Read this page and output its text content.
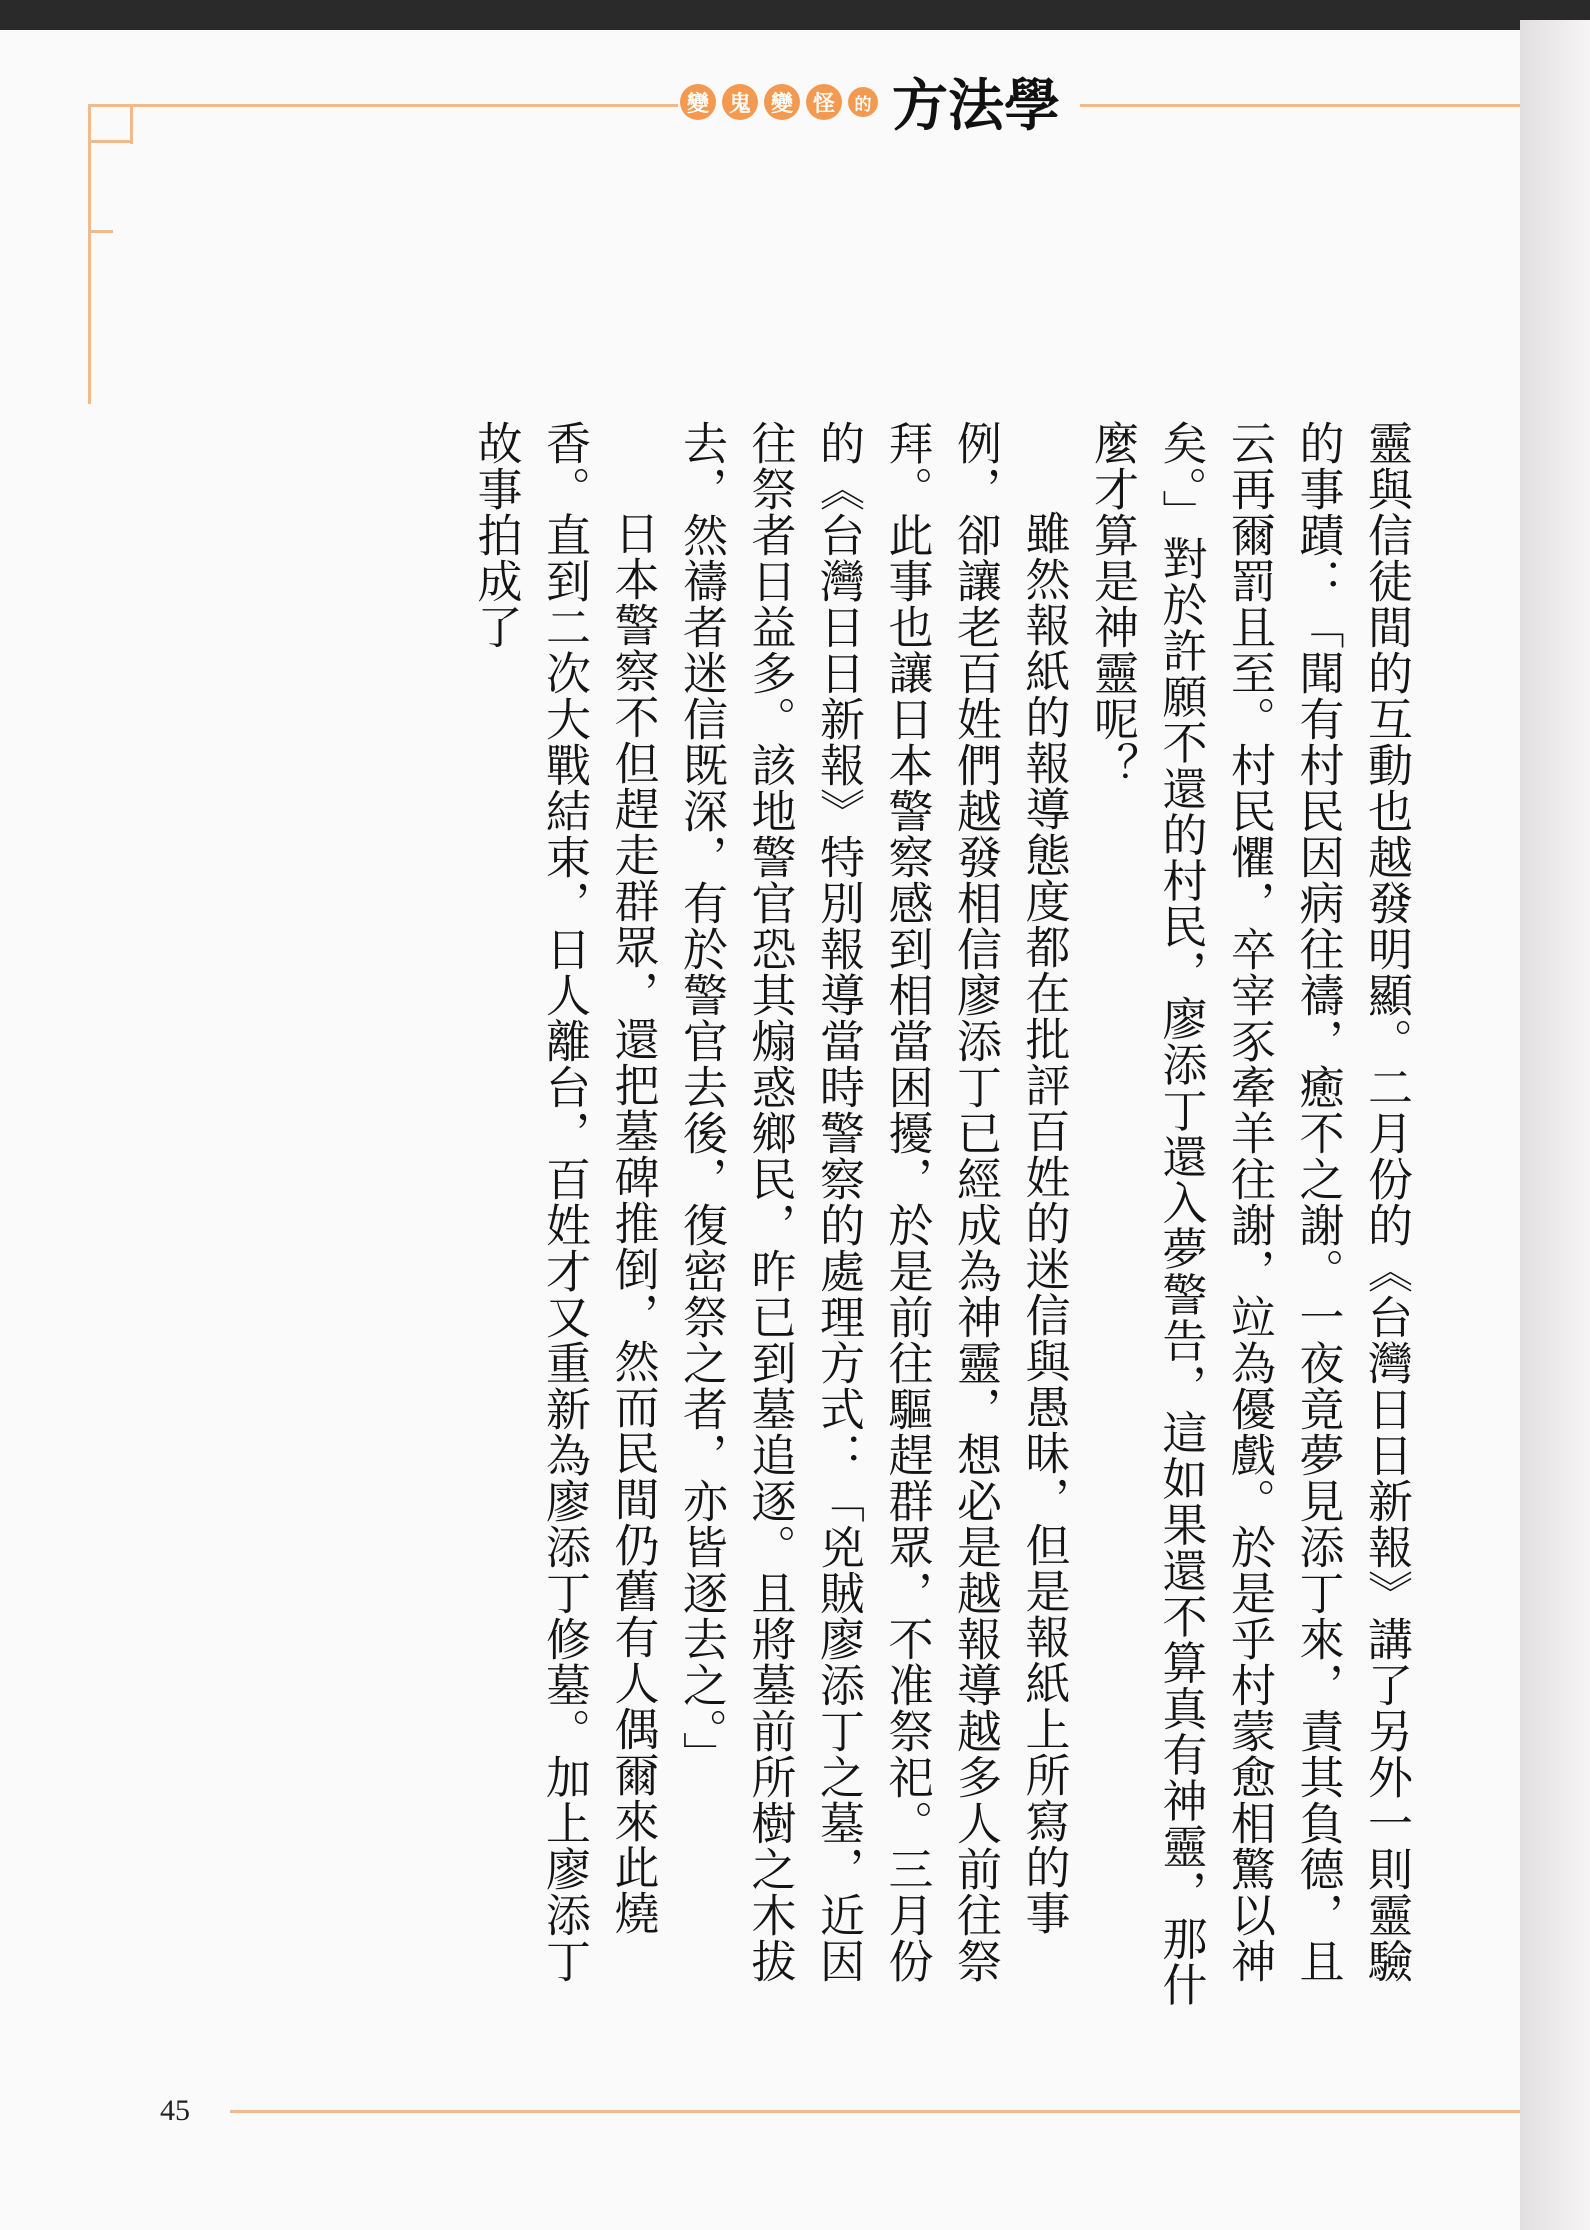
變 鬼 變 怪	的 方法學

靈與信徒間的互動也越發明顯。二月份的《台灣日日新報》講了另外一則靈驗的事蹟：「聞有村民因病往禱，癒不之謝。一夜竟夢見添丁來，責其負德，且云再爾罰且至。村民懼，卒宰豕牽羊往謝，竝為優戲。於是乎村蒙愈相驚以神矣。」對於許願不還的村民，廖添丁還入夢警告，這如果還不算真有神靈，那什麼才算是神靈呢？

雖然報紙的報導態度都在批評百姓的迷信與愚昧，但是報紙上所寫的事例，卻讓老百姓們越發相信廖添丁已經成為神靈，想必是越報導越多人前往祭拜。此事也讓日本警察感到相當困擾，於是前往驅趕群眾，不准祭祀。三月份的《台灣日日新報》特別報導當時警察的處理方式：「兇賊廖添丁之墓，近因往祭者日益多。該地警官恐其煽惑鄉民，昨已到墓追逐。且將墓前所樹之木拔去，然禱者迷信既深，有於警官去後，復密祭之者，亦皆逐去之。」

日本警察不但趕走群眾，還把墓碑推倒，然而民間仍舊有人偶爾來此燒香。直到二次大戰結束，日人離台，百姓才又重新為廖添丁修墓。加上廖添丁故事拍成了

45
